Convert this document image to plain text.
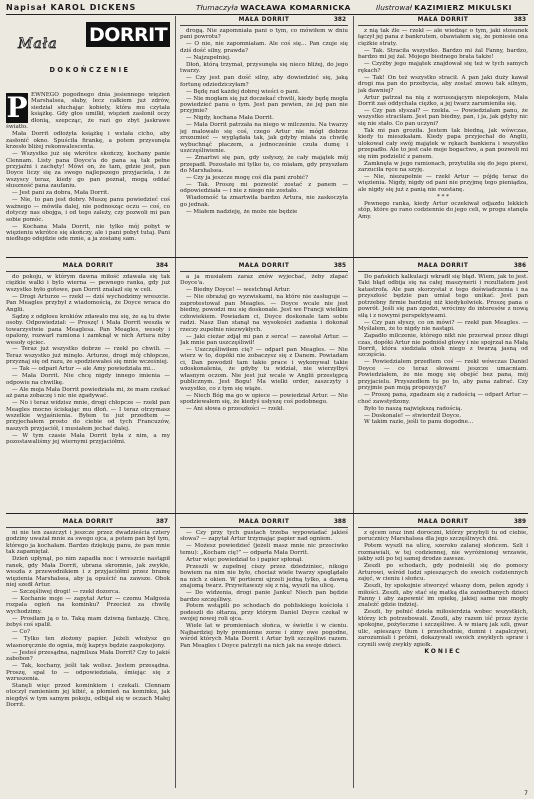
Napisał KAROL DICKENS	Tłumaczyła WACŁAWA KOMARNICKA	Ilustrował KAZIMIERZ MIKULSKI
Mała DORRIT
DOKOŃCZENIE
P EWNEGO pogodnego dnia jesiennego więzień Marshalsea, słaby, lecz całkiem już zdrów, siedział słuchając kobiety, która mu czytała książkę. Gdy głos umilkł, więzień zasłonił oczy dłonią, szepcząc, że razi go zbyt jaskrawe światło.

Mała Dorrit odłożyła książkę i wstała cicho, aby zasłonić okno. Spuściła firankę, a potem przysunęła krzesło bliżej rekonwalescenta.

— Wszystko już się wkrótce skończy, kochany panie Clennam. Listy pana Doyce'a do pana są tak pełne przyjaźni i zachęty! Mówi on, że tam, gdzie jest, pan Doyce liczy się za swego najlepszego przyjaciela, i że wszyscy teraz, kiedy go pan poznał, mogą oddać słuszność pana zaufaniu.

— Jest pani za dobra, Mała Dorrit.

— Nie, to pan jest dobry. Muszę panu powiedzieć coś ważnego — mówiła dalej, nie podnosząc oczu — coś, co dotyczy nas obojga, i od tego zależy, czy pozwoli mi pan sobie pomóc.

— Kochana Mała Dorrit, nie tylko mój pobyt w więzieniu wkrótce się skończy, ale i pani pobyt tutaj. Pani niedługo odejdzie ode mnie, a ja zostanę sam.

MAŁA DORRIT	382

drogą. Nie zapomniała pani o tym, co mówiłem w dniu pani powrotu?

— O nie, nie zapomniałam. Ale coś się... Pan czuje się dziś dość silny, prawda?

— Najzupełniej.

Dłoń, którą trzymał, przysunęła się nieco bliżej, do jego twarzy.

— Czy jest pan dość silny, aby dowiedzieć się, jaką fortunę odziedziczyłam?

— Będę rad każdej dobrej wieści o pani.

— Nie mogłam się już doczekać chwili, kiedy będę mogła powiedzieć panu o tym. Jest pan pewien, że jej pan nie przyjmie?

— Nigdy, kochana Mała Dorrit.

— Mała Dorrit patrzała na niego w milczeniu. Na twarzy jej malowało się coś, czego Artur nie mógł dobrze zrozumieć — wyglądała tak, jak gdyby miała za chwilę wybuchnąć płaczem, a jednocześnie czuła dumę i uszczęśliwienie.

— Zmartwi się pan, gdy usłyszy, że cały majątek mój przepadł. Pozostało mi tylko to, co miałam, gdy przyszłam do Marshalsea.

— Czy ja jeszcze mogę coś dla pani zrobić?

— Tak. Proszę mi pozwolić zostać z panem — odpowiedziała — i nie z niego nie zostało.

Wiadomość ta zmartwiła bardzo Artura, nie zaskoczyła go jednak.

— Miałem nadzieję, że może nie będzie

MAŁA DORRIT	383

z nią tak źle — rzekł — ale wiedząc o tym, jaki stosunek łączył jej pana z bankrutem, obawiałem się, że poniesie ona ciężkie straty.

— Tak. Straciła wszystko. Bardzo mi żal Fanny, bardzo, bardzo mi jej żal. Mojego biednego brata także!

— Czyżby jego majątek znajdował się też w tych samych rękach?

— Tak! On też wszystko stracił. A pan jaki duży kawał drogi ma pan do przebycia, aby zostać znowu tak silnym, jak dawniej?

Artur patrzał na nią z wzruszającym niepokojem, Mała Dorrit zaś oddychała ciężko, a jej twarz zarumieniła się.

— Czy pan słyszał? — rzekła. — Powiedziałam panu, że wszystko straciłam. Jest pan biedny, pan, i ja, jak gdyby nic się nie stało. Co pan uczyni?

Tak mi pan groziła. Jestem tak biedną, jak wówczas, kiedy tu mieszkałam. Kiedy papa przyjechał do Anglii, ulokował cały swój majątek w rękach bankiera i wszystko przepadło. Ale to jest całe moje bogactwo, a pan pozwoli mi się nim podzielić z panem.

Zamknęła w jego ramionach, przytuliła się do jego piersi, zarzuciła ręce na szyję.

— Nie, niezupełnie — rzekł Artur — pójdę teraz do więzienia. Nigdy, nigdy od pani nie przyjmę tego pieniądza, ale nigdy się już z panią nie rozstanę.

* * *

Pewnego ranka, kiedy Artur oczekiwał odjazdu lekkich stóp, które go rano codziennie do jego celi, w progu stanęła Amy.

MAŁA DORRIT	384

do pokoju, w którym dawna miłość zdawała się tak ciężkie walki i bylo wierna — pewnego ranka, gdy już wszystko było gotowe, pan Dorrit znalazł się w celi.

— Drogi Arturze — rzekł — dziś wychodzimy wreszcie. Pan Meagles przybył z wiadomością, że Doyce wraca do Anglii.

Sądzę z odgłosu krokiów zdawało mu się, że są tu dwie osoby. Odpowiedział: — Proszę! i Mała Dorrit weszła w towarzystwie pana Meaglesa. Pan Meagles, wesoły i opalony, rozwarł ramiona i zamknął w nich Artura niby wesoły ojciec.

— Teraz już wszystko dobrze — rzekł po chwili. — Teraz wszystko już minęło. Arturze, drogi mój chłopcze, przyznaj się od razu, że spodziewałeś się mnie wcześniej.

— Tak — odparł Artur — ale Amy powiedziała mi...

— Mała Dorrit. Nie chcę nigdy innego imienia — odpowie na chwilkę.

— Ale moja Mała Dorrit powiedziała mi, że mam czekać aż pana zobaczę i nic nie zgadywać.

— No i teraz widzisz mnie, drogi chłopcze — rzekł pan Meagles mocno ściskając mu dłoń. — I teraz otrzymasz wszelkie wyjaśnienia. Byłem tu już przedtem — przyjechałem prosto do ciebie od tych Francuzów, naszych przyjaciół, i musiałem jechać dalej.

— W tym czasie Mała Dorrit była z nim, a my pozostawaliśmy jej wiernymi przyjaciółmi.

MAŁA DORRIT	385

a ja musiałem zaraz znów wyjechać, żeby złapać Doyce'a.

— Biedny Doyce! — westchnął Artur.

— Nie obrażaj go wyzwiskami, na które nie zasługuje — zaprotestował pan Meagles. — Doyce wcale nie jest biedny, powodzi mu się doskonale. Jest we Francji wielkim człowiekiem. Powiadam ci, Doyce doskonale tam sobie radzi. Nasz Dan stanął na wysokości zadania i dokonał rzeczy zupełnie niezwykłych.

— Jaki cieżar zdjął mi pan z serca! — zawołał Artur. — Jak mnie pan uszczęśliwił!

— Uszczęśliwiłem cię? — odparł pan Meagles. — Nie wierz w to, dopóki nie zobaczysz się z Danem. Powiadam ci, Dan powodził tam takie prace i wykonywał takie udoskonalenia, że gdyby tu widział, nie wierzyłbyś własnym oczom. Nie jest już wcale w Anglii przestępcą publicznym. Jest Bogu! Ma wielki order, zaszczyty i wszystko, co z tym się wiąże.

— Niech Bóg ma go w opiece — powiedział Artur. — Nie spodziewałem się, że kiedyś usłyszę coś podobnego.

— Ani słowa o przeszłości — rzekł.

MAŁA DORRIT	386

Do pańskich kalkulacji wkradł się błąd. Wiem, jak to jest. Taki błąd odbija się na całej maszynerii i rezultatem jest katastrofa. Ale pan skorzystał z tego doświadczenia i na przyszłość będzie pan umiał tego unikać. Jest pan potrzebny firmie bardziej niż kiedykolwiek. Proszę pana o powrót. Jeśli się pan zgodzi, wrócimy do interesów z nową siłą i z nowymi perspektywami.

— Czy pan słyszy, co on mówi? — rzekł pan Meagles. — Myślałem, że to nigdy nie nastąpi.

Zapadło milczenie, którego nikt nie przerwał przez długi czas, dopóki Artur nie podniósł głowy i nie spojrzał na Małą Dorrit, która siedziała obok niego z twarzą jasną od szczęścia.

— Powiedziałem przedtem coś — rzekł wówczas Daniel Doyce — co teraz słowami jeszcze umacniam. Powiedziałem, że nie mogę się obejść bez pana, mój przyjacielu. Przyszedłem tu po to, aby pana zabrać. Czy przyjmie pan moją propozycję?

— Proszę pana, zgadzam się z radością — odparł Artur — choć zawstydzony.

Było to naszą największą radością.

— Doskonale! — stwierdził Doyce.

W takim razie, jeśli to panu dogodne...

MAŁA DORRIT	387

ni nie ten zaszczyt i jeszcze przez dwadzieścia cztery godziny uważał mnie za swego ojca, a potem pan był tym, którego ja kochałam. Bardzo dziękuję panu, że pan mnie tak zapamiętał.

Dzień upłynął, po nim zapadła noc i wreszcie nastąpił ranek, gdy Mała Dorrit, ubrana skromnie, jak zwykle, weszła z przewodnikiem i z przyjaciółmi przez bramę więzienia Marshalsea, aby ją opuścić na zawsze. Obok niej szedł Artur.

— Szczęśliwej drogi! — rzekł dozorca.

— Kochanie moje — zapytał Artur — czemu Małgosia rozpala ogień na kominku? Przecież za chwilę wychodzimy.

— Prosiłam ją o to. Taką mam dziwną fantazję. Chcę, żebyś coś spalił.

— Co?

— Tylko ten złożony papier. Jeżeli włożysz go własnoręcznie do ognia, mój kaprys będzie zaspokojony.

— Jesteś przesądna, najmilsza Mała Dorrit? Czy to jakiś zabobon?

— Tak, kochany, jeśli tak wolisz. Jestem przesądna. Proszę, spal to — odpowiedziała, śmiejąc się z wzruszenia.

Stanęli więc przed kominkiem i czekali. Clennam otoczył ramieniem jej kibić, a płomień na kominku, jak niegdyś w tym samym pokoju, odbijał się w oczach Małej Dorrit.

MAŁA DORRIT	388

— Czy przy tych gustach trzeba wypowiadać jakieś słowa? — zapytał Artur trzymając papier nad ogniem.

— Możesz powiedzieć (jeżeli masz mnie nic przeciwko temu): „Kocham cię!” — odparła Mała Dorrit.

Artur więc powiedział to i papier spłonął.

Przeszli w zupełnej ciszy przez dziedziniec, nikogo bowiem na nim nie było, chociaż wiele twarzy spoglądało na nich z okien. W portierni ujrzeli jedną tylko, a dawną znajomą twarz. Przywitawszy się z nią, wyszli na ulicę.

— Do widzenia, drogi panie Janku! Niech pan będzie bardzo szczęśliwy.

Potem wstąpili po schodach do pobliskiego kościoła i podeszli do ołtarza, przy którym Daniel Doyce czekał w swojej nowej roli ojca.

Wiele lat w promieniach słońca, w świetle i w cieniu. Najbardziej były promienne zorze i zimy owe pogodne, wśród których Mała Dorrit i Artur byli szczęśliwi razem. Pan Meagles i Doyce patrzyli na nich jak na swoje dzieci.

MAŁA DORRIT	389

z ojcem oraz inni doroczni, którzy przybyli tu od ciebie, porucznicy Marshalsea dla jego szczęśliwych dni.

Potem wyszli na ulicę, szeroko zalanej słońcem. Szli i rozmawiali, w tej codziennej, nie wyróżnionej wrzawie, jakby szli po tej samej drodze zawsze.

Zeszli po schodach, gdy podnieśli się do pomocy Arturowi, wśród ludzi spieszących do swoich codziennych zajęć, w cieniu i słońcu.

Zeszli, by spokojnie stworzyć własny dom, pełen zgody i miłości. Zeszli, aby stać się matką dla zaniedbanych dzieci Fanny i aby zapewnić im opiekę, jakiej same nie mogły znaleźć gdzie indziej.

Zeszli, by pełnić dzieła miłosierdzia wobec wszystkich, którzy ich potrzebowali. Zeszli, aby razem iść przez życie spokojne, pożyteczne i szczęśliwe. A w miarę jak szli, gwar ulic, spieszący tłum i przechodnie, dumni i zapalczywi, zarozumiali i próżni, dokazywali swoich zwykłych spraw i czynili swój zwykły zgiełk.

KONIEC

7
